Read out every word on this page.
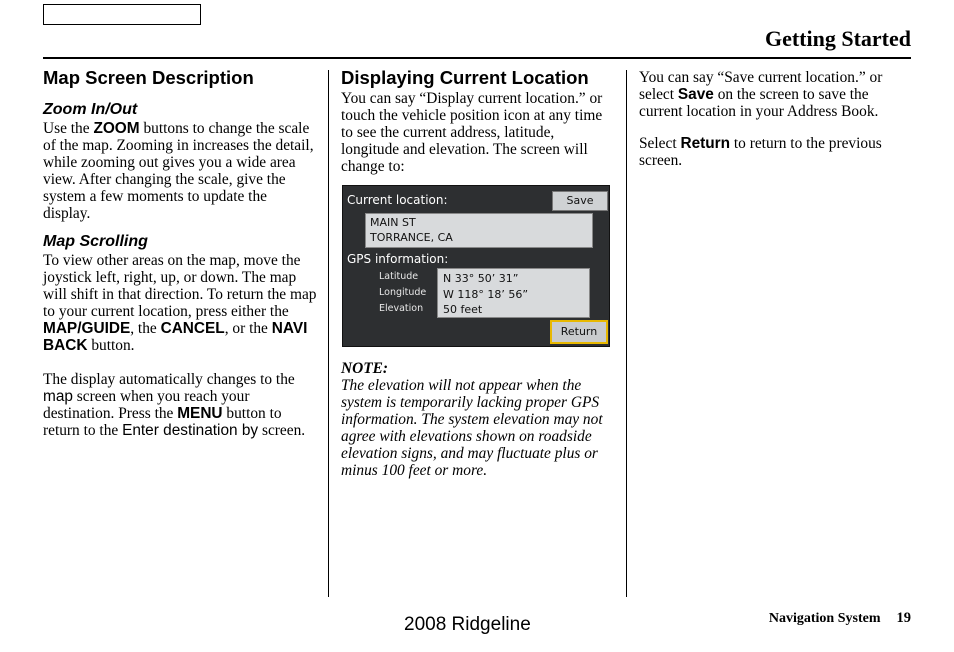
Getting Started
Map Screen Description
Zoom In/Out

Use the ZOOM buttons to change the scale of the map. Zooming in increases the detail, while zooming out gives you a wide area view. After changing the scale, give the system a few moments to update the display.

Map Scrolling

To view other areas on the map, move the joystick left, right, up, or down. The map will shift in that direction. To return the map to your current location, press either the MAP/GUIDE, the CANCEL, or the NAVI BACK button.

The display automatically changes to the map screen when you reach your destination. Press the MENU button to return to the Enter destination by screen.

Displaying Current Location

You can say “Display current location.” or touch the vehicle position icon at any time to see the current address, latitude, longitude and elevation. The screen will change to:

Current location:	Save
MAIN ST
TORRANCE, CA
GPS information:
Latitude
Longitude
Elevation
N 33° 50’ 31”
W 118° 18’ 56”
50 feet
Return

NOTE:

The elevation will not appear when the system is temporarily lacking proper GPS information. The system elevation may not agree with elevations shown on roadside elevation signs, and may fluctuate plus or minus 100 feet or more.

You can say “Save current location.” or select Save on the screen to save the current location in your Address Book.

Select Return to return to the previous screen.

2008 Ridgeline	Navigation System 19
